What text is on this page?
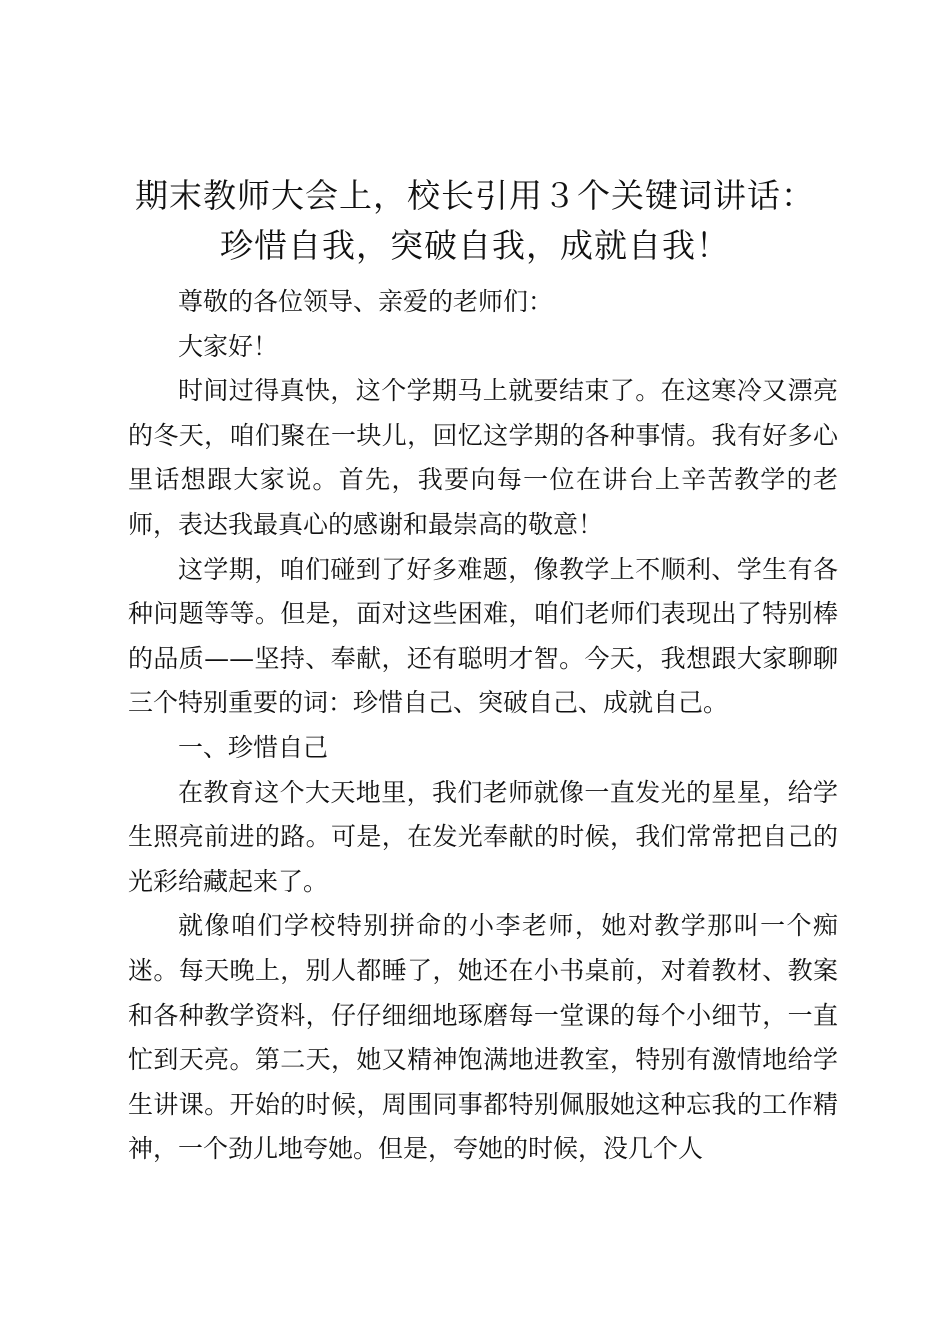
期末教师大会上，校长引用３个关键词讲话：
珍惜自我，突破自我，成就自我！

尊敬的各位领导、亲爱的老师们：

大家好！

时间过得真快，这个学期马上就要结束了。在这寒冷又漂亮的冬天，咱们聚在一块儿，回忆这学期的各种事情。我有好多心里话想跟大家说。首先，我要向每一位在讲台上辛苦教学的老师，表达我最真心的感谢和最崇高的敬意！

这学期，咱们碰到了好多难题，像教学上不顺利、学生有各种问题等等。但是，面对这些困难，咱们老师们表现出了特别棒的品质——坚持、奉献，还有聪明才智。今天，我想跟大家聊聊三个特别重要的词：珍惜自己、突破自己、成就自己。

一、珍惜自己

在教育这个大天地里，我们老师就像一直发光的星星，给学生照亮前进的路。可是，在发光奉献的时候，我们常常把自己的光彩给藏起来了。

就像咱们学校特别拼命的小李老师，她对教学那叫一个痴迷。每天晚上，别人都睡了，她还在小书桌前，对着教材、教案和各种教学资料，仔仔细细地琢磨每一堂课的每个小细节，一直忙到天亮。第二天，她又精神饱满地进教室，特别有激情地给学生讲课。开始的时候，周围同事都特别佩服她这种忘我的工作精神，一个劲儿地夸她。但是，夸她的时候，没几个人
